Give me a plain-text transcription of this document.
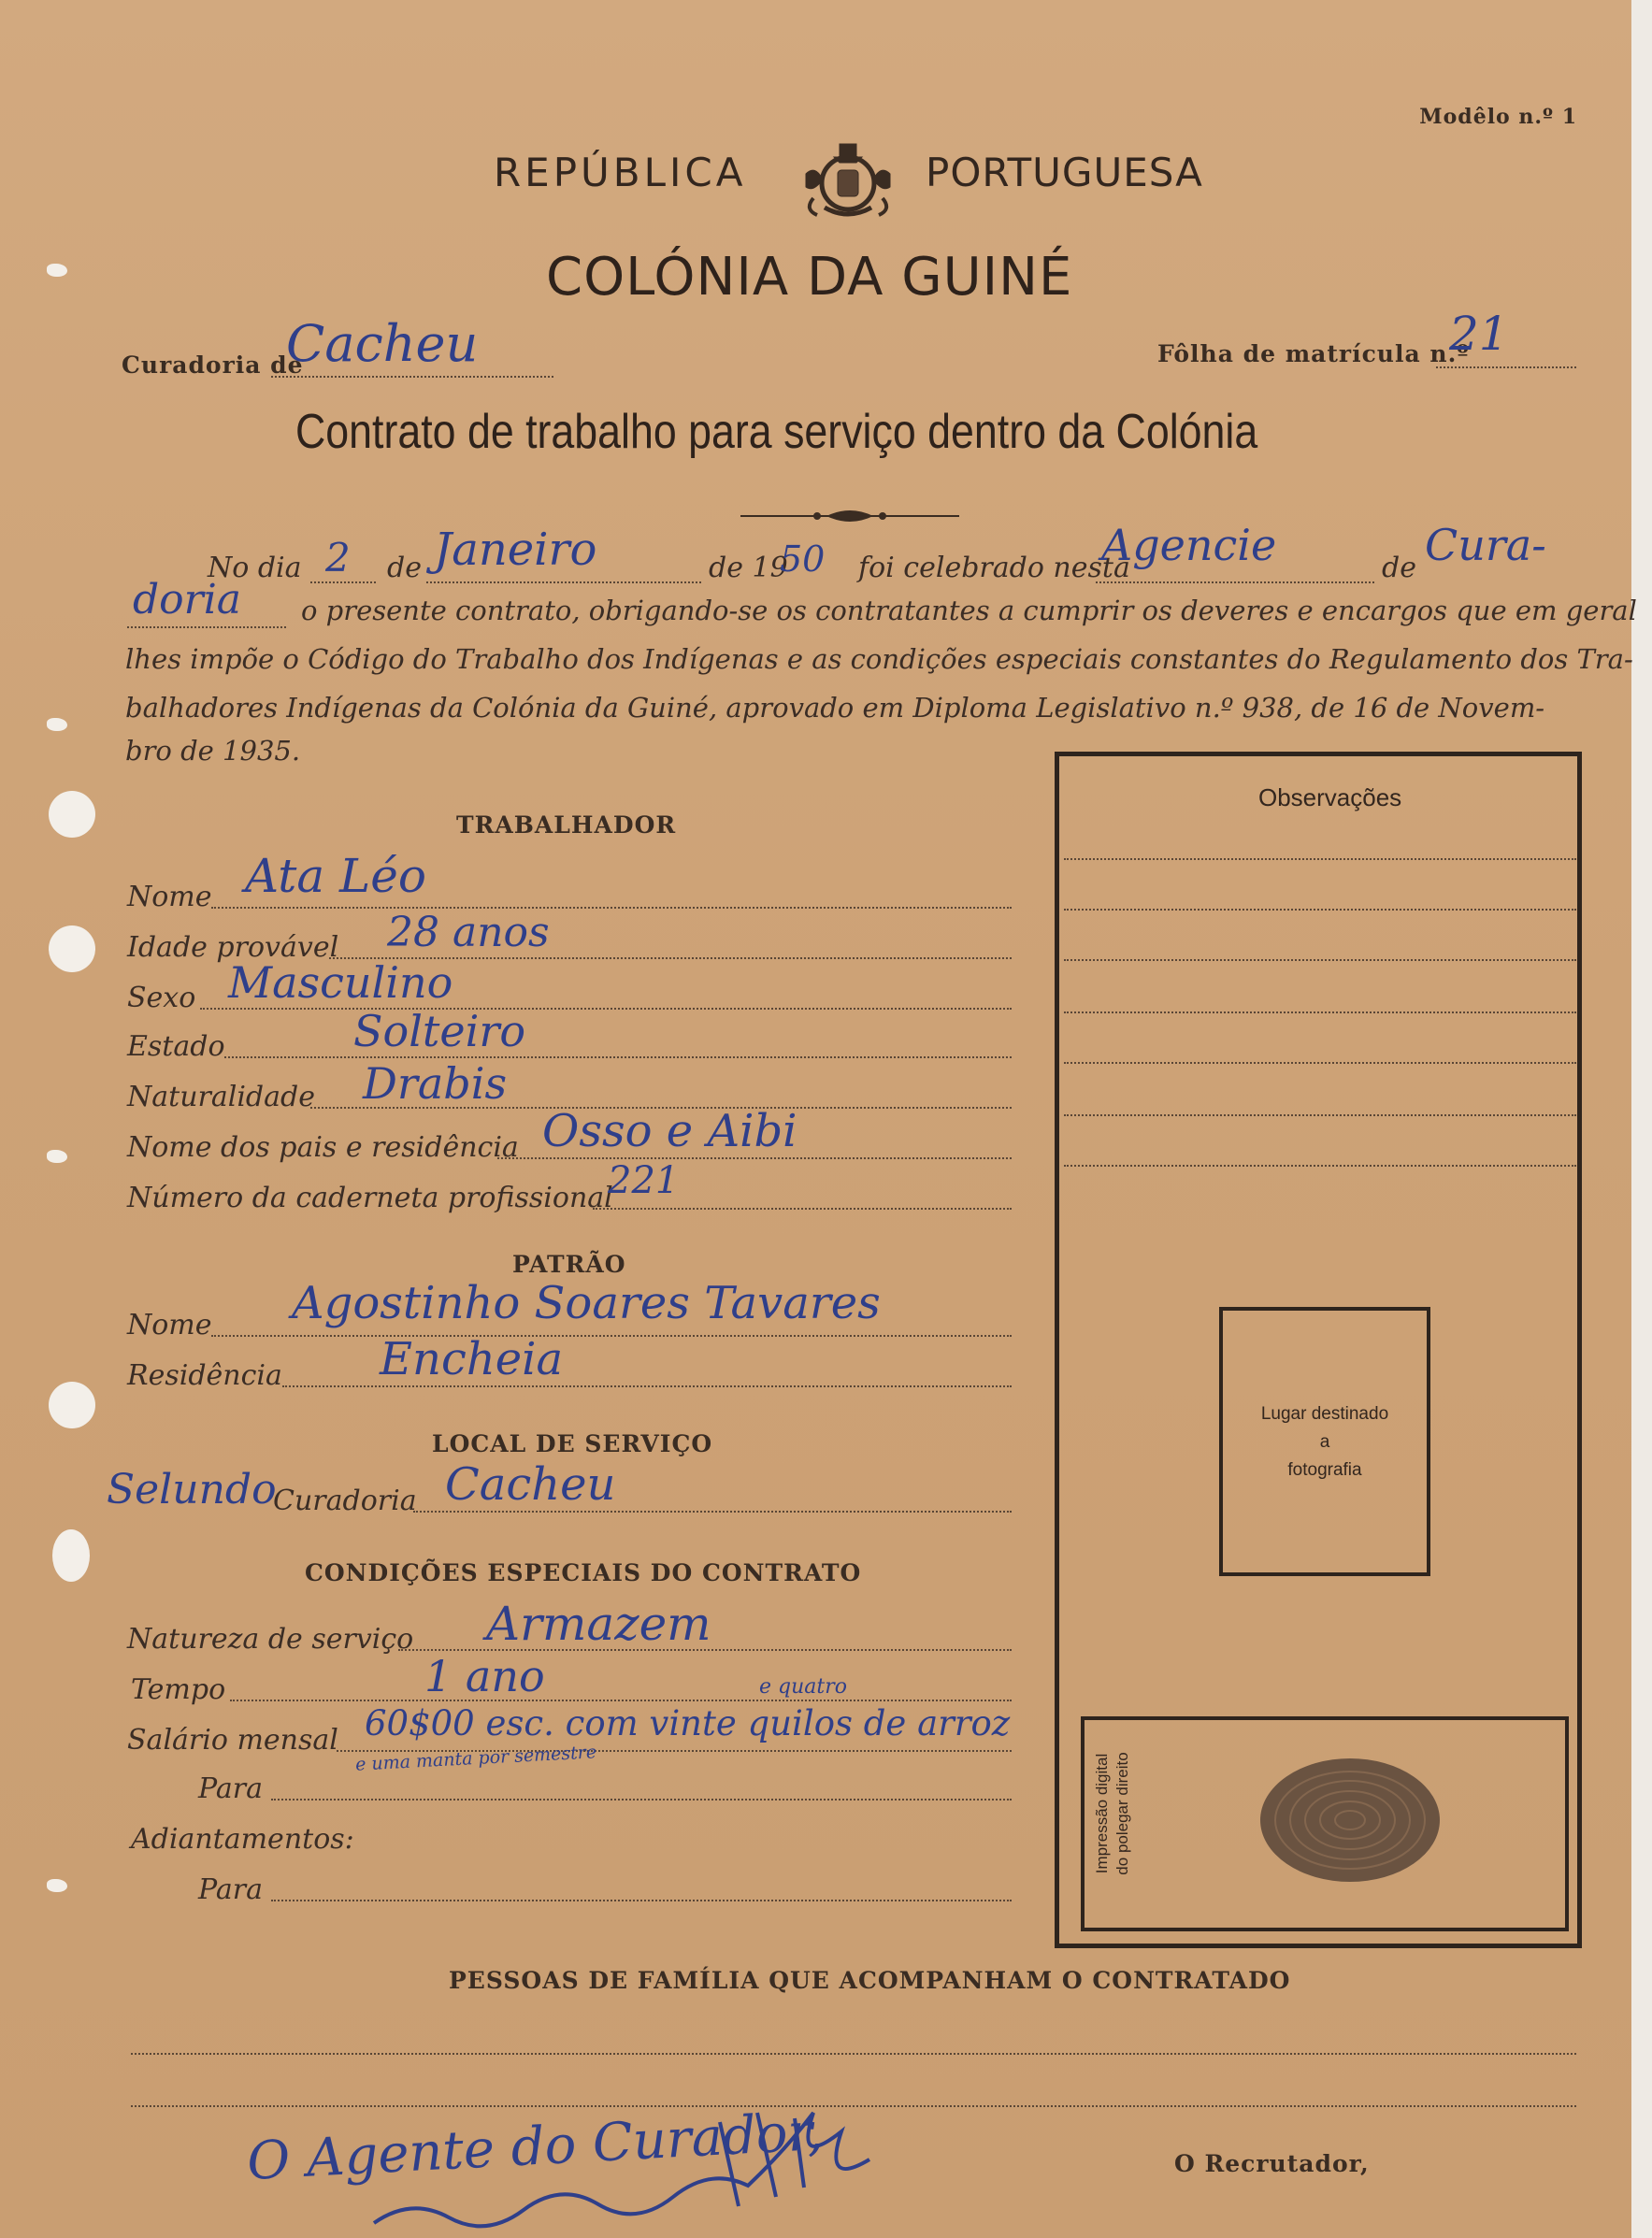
Modêlo n.º 1
REPÚBLICA	PORTUGUESA
COLÓNIA DA GUINÉ
Curadoria de
Cacheu	Fôlha de matrícula n.º
21
Contrato de trabalho para serviço dentro da Colónia
No dia 2 de Janeiro	de 19
50 foi celebrado nesta
Agencie	de Cura-
doria o presente contrato, obrigando-se os contratantes a cumprir os deveres e encargos que em geral
lhes impõe o Código do Trabalho dos Indígenas e as condições especiais constantes do Regulamento dos Tra-
balhadores Indígenas da Colónia da Guiné, aprovado em Diploma Legislativo n.º 938, de 16 de Novem-
bro de 1935.
Observações
Lugar destinado
a
fotografia
Impressão digital do polegar direito
TRABALHADOR
Nome Ata Léo
Idade provável 28 anos
Sexo Masculino
Estado	Solteiro
Naturalidade Drabis
Nome dos pais e residência Osso e Aibi
Número da caderneta profissional
221
PATRÃO
Nome Agostinho Soares Tavares
Residência Encheia
LOCAL DE SERVIÇO
Selundo
Curadoria Cacheu
CONDIÇÕES ESPECIAIS DO CONTRATO
Natureza de serviço Armazem
Tempo	1 ano	e quatro
Salário mensal 60$00 esc. com vinte quilos de arroz
e uma manta por semestre
Para
Adiantamentos:
Para
PESSOAS DE FAMÍLIA QUE ACOMPANHAM O CONTRATADO
O Agente do Curador,	O Recrutador,
